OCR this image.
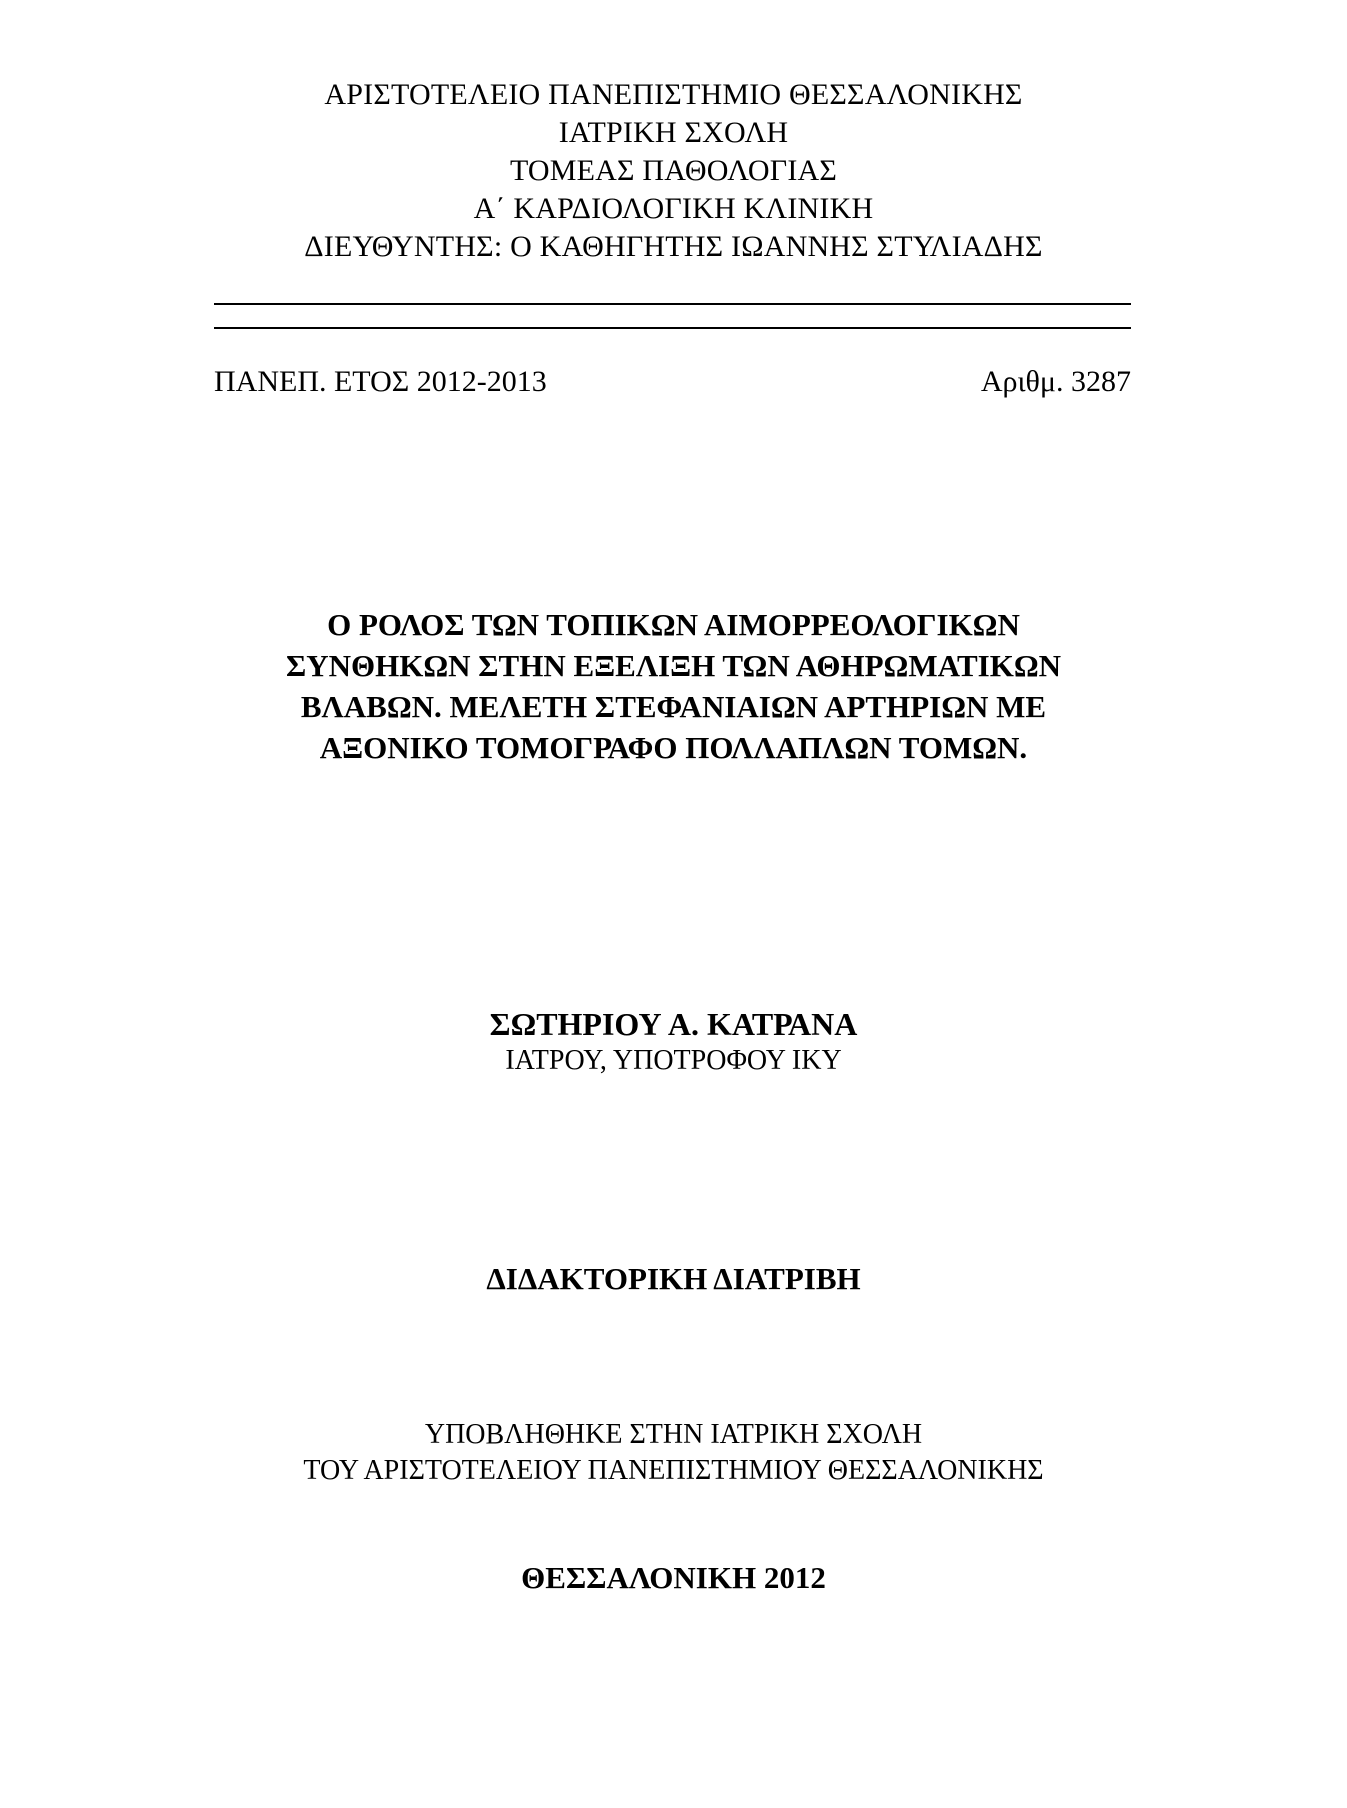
ΑΡΙΣΤΟΤΕΛΕΙΟ ΠΑΝΕΠΙΣΤΗΜΙΟ ΘΕΣΣΑΛΟΝΙΚΗΣ
ΙΑΤΡΙΚΗ ΣΧΟΛΗ
ΤΟΜΕΑΣ ΠΑΘΟΛΟΓΙΑΣ
Α΄ ΚΑΡΔΙΟΛΟΓΙΚΗ ΚΛΙΝΙΚΗ
ΔΙΕΥΘΥΝΤΗΣ: Ο ΚΑΘΗΓΗΤΗΣ ΙΩΑΝΝΗΣ ΣΤΥΛΙΑΔΗΣ
ΠΑΝΕΠ. ΕΤΟΣ 2012-2013	Αριθμ. 3287
Ο ΡΟΛΟΣ ΤΩΝ ΤΟΠΙΚΩΝ ΑΙΜΟΡΡΕΟΛΟΓΙΚΩΝ
ΣΥΝΘΗΚΩΝ ΣΤΗΝ ΕΞΕΛΙΞΗ ΤΩΝ ΑΘΗΡΩΜΑΤΙΚΩΝ
ΒΛΑΒΩΝ. ΜΕΛΕΤΗ ΣΤΕΦΑΝΙΑΙΩΝ ΑΡΤΗΡΙΩΝ ΜΕ
ΑΞΟΝΙΚΟ ΤΟΜΟΓΡΑΦΟ ΠΟΛΛΑΠΛΩΝ ΤΟΜΩΝ.
ΣΩΤΗΡΙΟΥ Α. ΚΑΤΡΑΝΑ
ΙΑΤΡΟΥ, ΥΠΟΤΡΟΦΟΥ ΙΚΥ
ΔΙΔΑΚΤΟΡΙΚΗ ΔΙΑΤΡΙΒΗ
ΥΠΟΒΛΗΘΗΚΕ ΣΤΗΝ ΙΑΤΡΙΚΗ ΣΧΟΛΗ
ΤΟΥ ΑΡΙΣΤΟΤΕΛΕΙΟΥ ΠΑΝΕΠΙΣΤΗΜΙΟΥ ΘΕΣΣΑΛΟΝΙΚΗΣ
ΘΕΣΣΑΛΟΝΙΚΗ 2012
